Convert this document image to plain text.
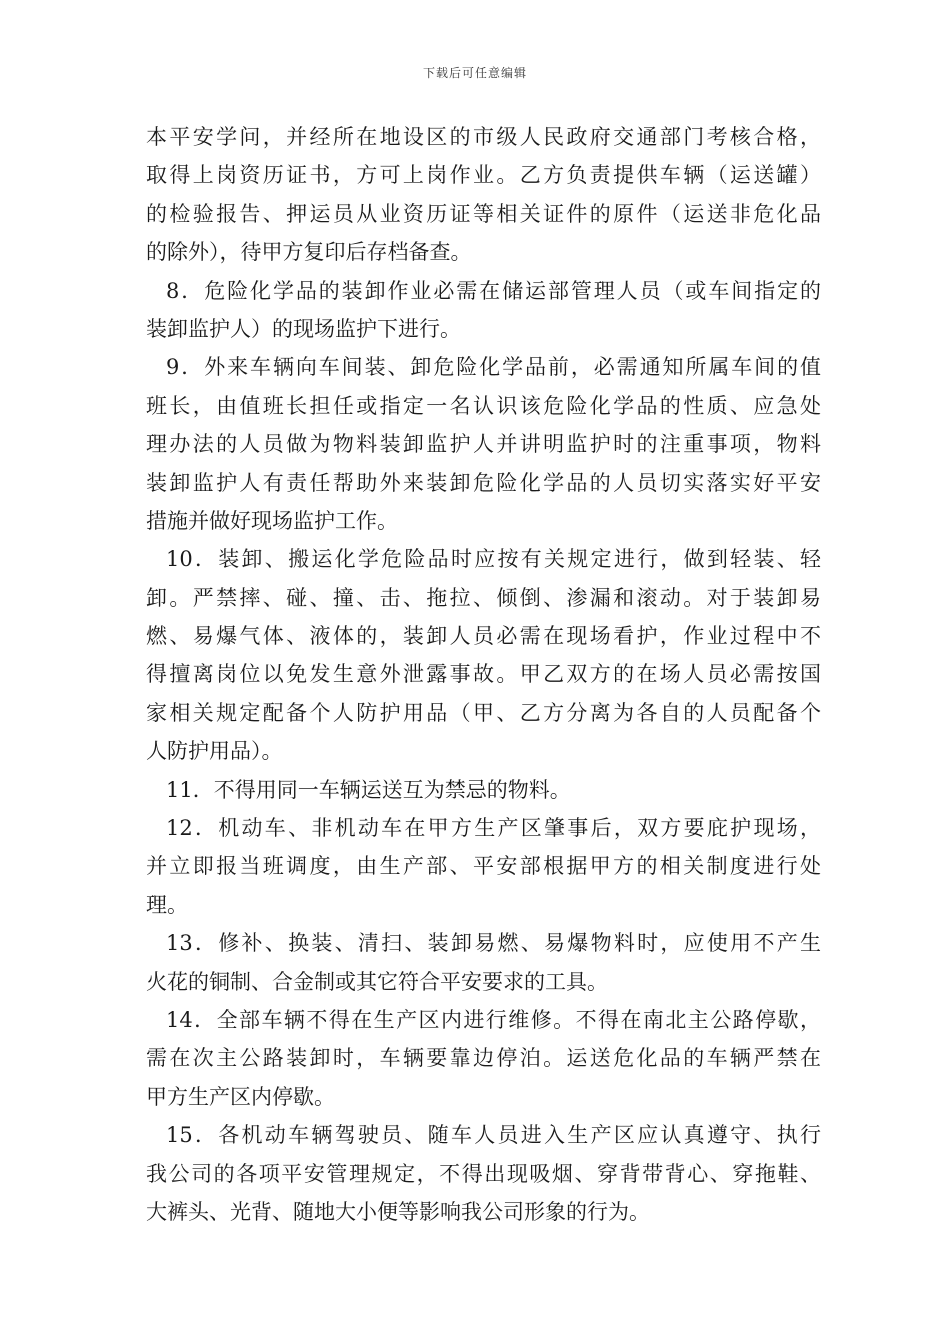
下载后可任意编辑
本平安学问，并经所在地设区的市级人民政府交通部门考核合格，
取得上岗资历证书，方可上岗作业。乙方负责提供车辆（运送罐）
的检验报告、押运员从业资历证等相关证件的原件（运送非危化品
的除外），待甲方复印后存档备查。
8．危险化学品的装卸作业必需在储运部管理人员（或车间指定的
装卸监护人）的现场监护下进行。
9．外来车辆向车间装、卸危险化学品前，必需通知所属车间的值
班长，由值班长担任或指定一名认识该危险化学品的性质、应急处
理办法的人员做为物料装卸监护人并讲明监护时的注重事项，物料
装卸监护人有责任帮助外来装卸危险化学品的人员切实落实好平安
措施并做好现场监护工作。
10．装卸、搬运化学危险品时应按有关规定进行，做到轻装、轻
卸。严禁摔、碰、撞、击、拖拉、倾倒、渗漏和滚动。对于装卸易
燃、易爆气体、液体的，装卸人员必需在现场看护，作业过程中不
得擅离岗位以免发生意外泄露事故。甲乙双方的在场人员必需按国
家相关规定配备个人防护用品（甲、乙方分离为各自的人员配备个
人防护用品）。
11．不得用同一车辆运送互为禁忌的物料。
12．机动车、非机动车在甲方生产区肇事后，双方要庇护现场，
并立即报当班调度，由生产部、平安部根据甲方的相关制度进行处
理。
13．修补、换装、清扫、装卸易燃、易爆物料时，应使用不产生
火花的铜制、合金制或其它符合平安要求的工具。
14．全部车辆不得在生产区内进行维修。不得在南北主公路停歇，
需在次主公路装卸时，车辆要靠边停泊。运送危化品的车辆严禁在
甲方生产区内停歇。
15．各机动车辆驾驶员、随车人员进入生产区应认真遵守、执行
我公司的各项平安管理规定，不得出现吸烟、穿背带背心、穿拖鞋、
大裤头、光背、随地大小便等影响我公司形象的行为。
